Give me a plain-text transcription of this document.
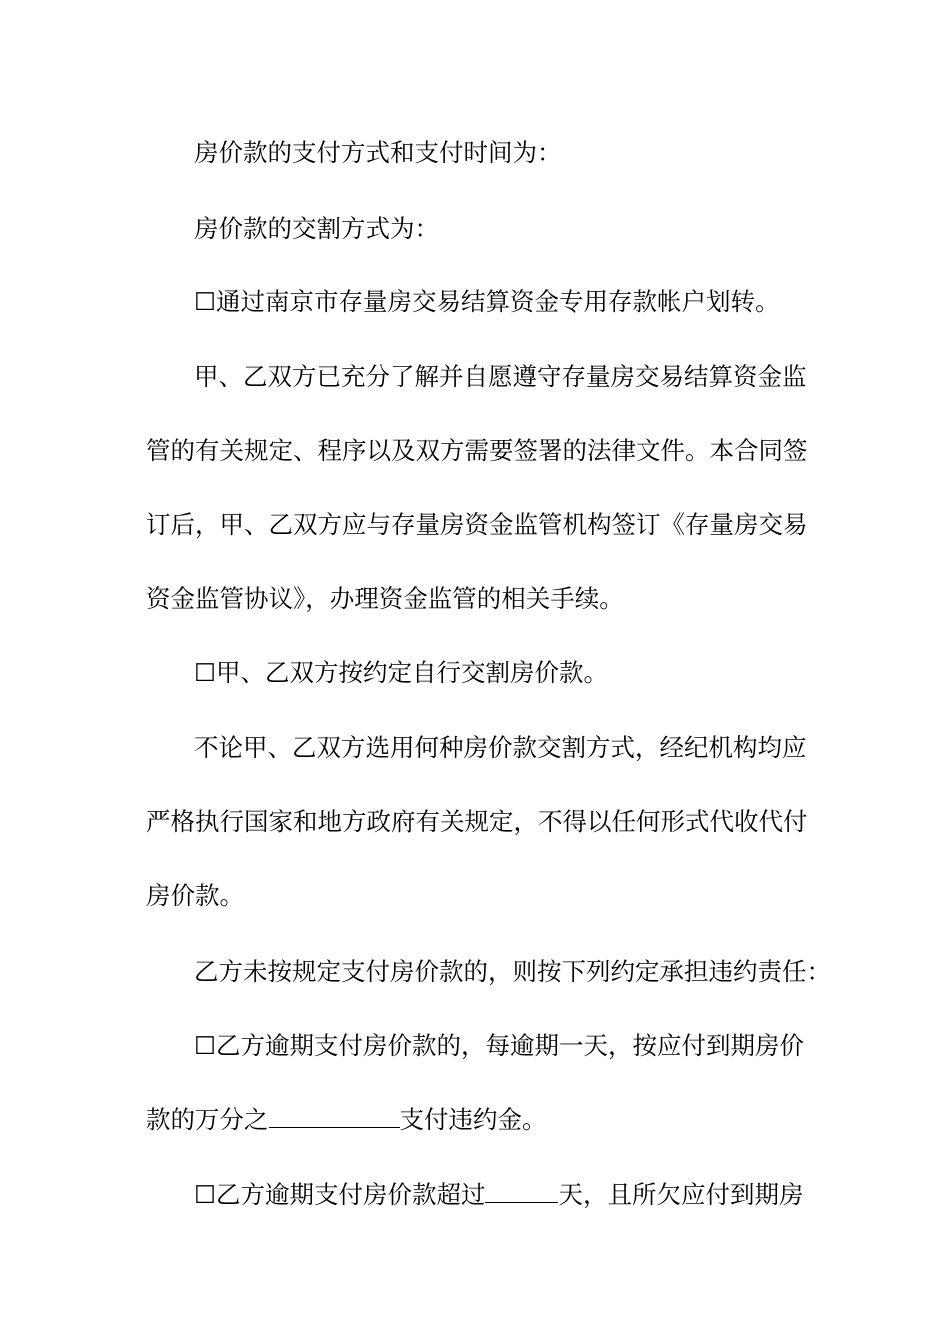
房价款的支付方式和支付时间为：
房价款的交割方式为：
☐通过南京市存量房交易结算资金专用存款帐户划转。
甲、乙双方已充分了解并自愿遵守存量房交易结算资金监
管的有关规定、程序以及双方需要签署的法律文件。本合同签
订后，甲、乙双方应与存量房资金监管机构签订《存量房交易
资金监管协议》，办理资金监管的相关手续。
☐甲、乙双方按约定自行交割房价款。
不论甲、乙双方选用何种房价款交割方式，经纪机构均应
严格执行国家和地方政府有关规定，不得以任何形式代收代付
房价款。
乙方未按规定支付房价款的，则按下列约定承担违约责任：
☐乙方逾期支付房价款的，每逾期一天，按应付到期房价
款的万分之	支付违约金。
☐乙方逾期支付房价款超过	天，且所欠应付到期房
